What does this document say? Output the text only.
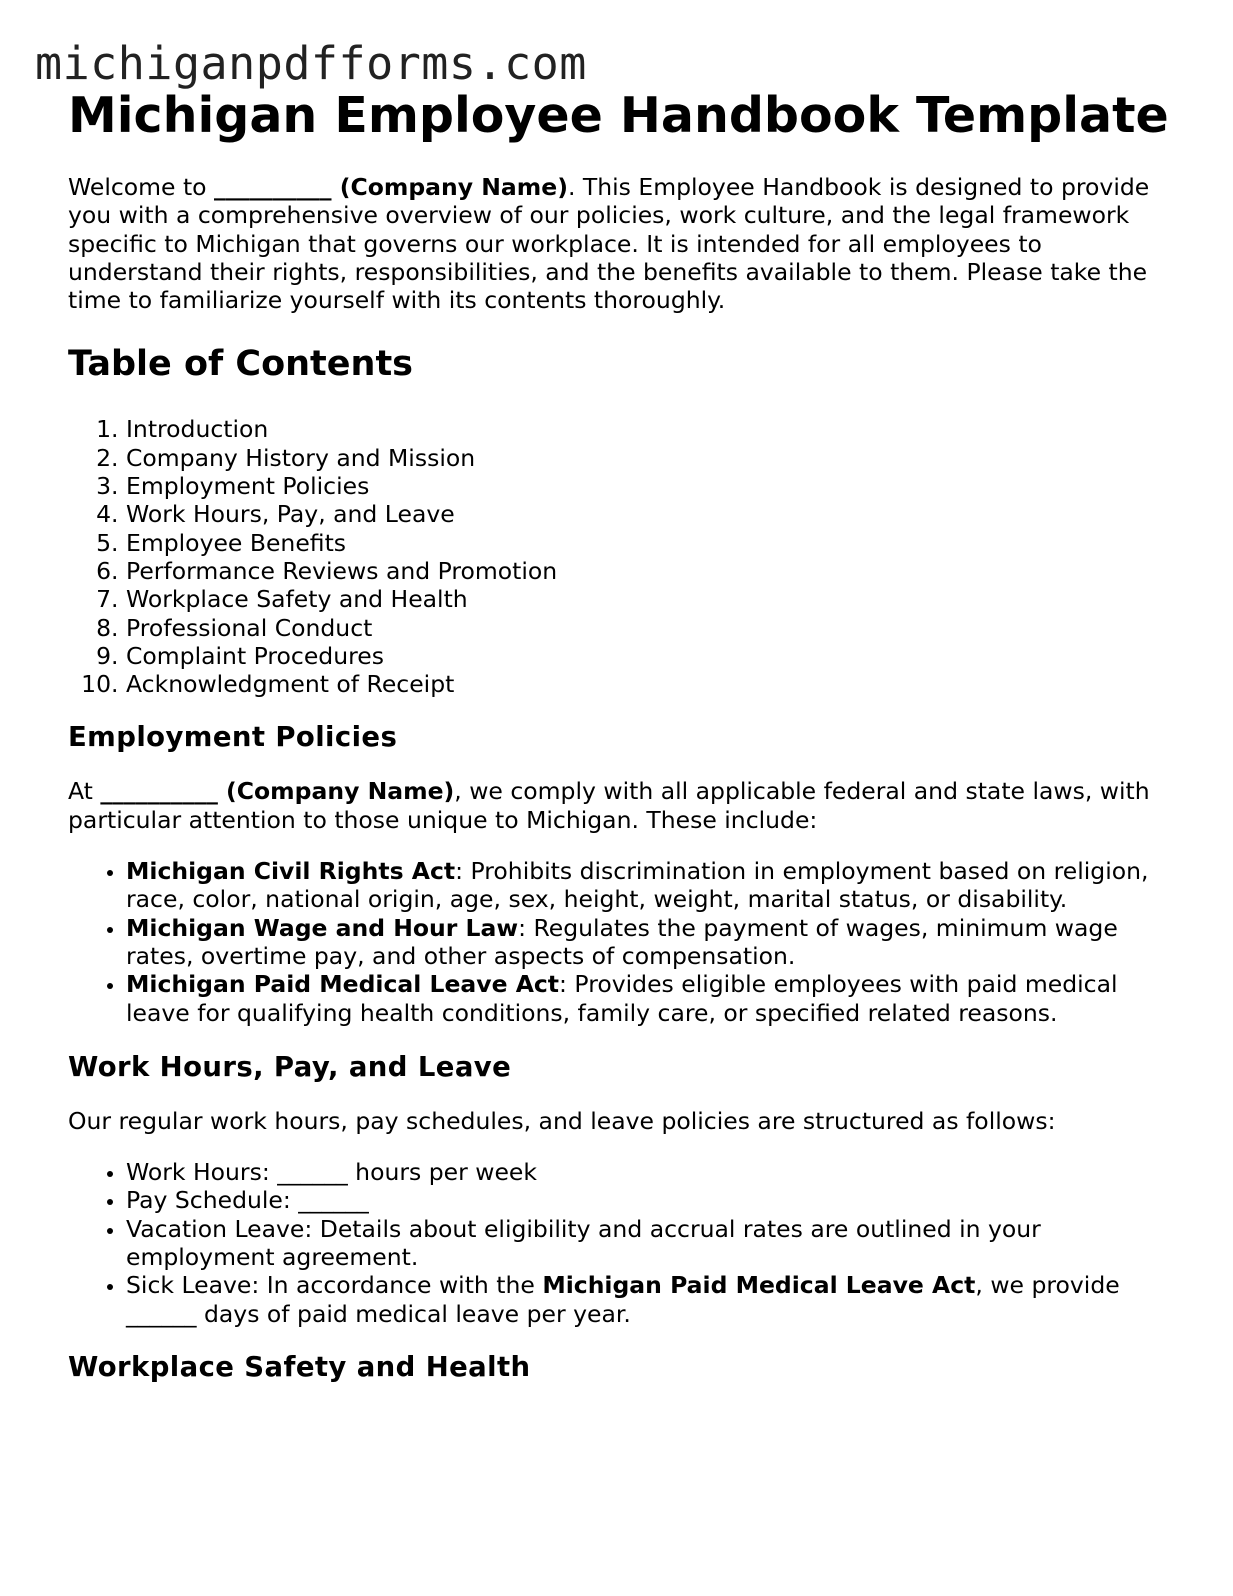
michiganpdfforms.com
Michigan Employee Handbook Template

Welcome to __________ (Company Name). This Employee Handbook is designed to provide you with a comprehensive overview of our policies, work culture, and the legal framework specific to Michigan that governs our workplace. It is intended for all employees to understand their rights, responsibilities, and the benefits available to them. Please take the time to familiarize yourself with its contents thoroughly.

Table of Contents
1. Introduction
2. Company History and Mission
3. Employment Policies
4. Work Hours, Pay, and Leave
5. Employee Benefits
6. Performance Reviews and Promotion
7. Workplace Safety and Health
8. Professional Conduct
9. Complaint Procedures
10. Acknowledgment of Receipt
Employment Policies

At __________ (Company Name), we comply with all applicable federal and state laws, with particular attention to those unique to Michigan. These include:

• Michigan Civil Rights Act: Prohibits discrimination in employment based on religion, race, color, national origin, age, sex, height, weight, marital status, or disability.
• Michigan Wage and Hour Law: Regulates the payment of wages, minimum wage rates, overtime pay, and other aspects of compensation.
• Michigan Paid Medical Leave Act: Provides eligible employees with paid medical leave for qualifying health conditions, family care, or specified related reasons.
Work Hours, Pay, and Leave

Our regular work hours, pay schedules, and leave policies are structured as follows:

• Work Hours: ______ hours per week
• Pay Schedule: ______
• Vacation Leave: Details about eligibility and accrual rates are outlined in your employment agreement.
• Sick Leave: In accordance with the Michigan Paid Medical Leave Act, we provide ______ days of paid medical leave per year.
Workplace Safety and Health
